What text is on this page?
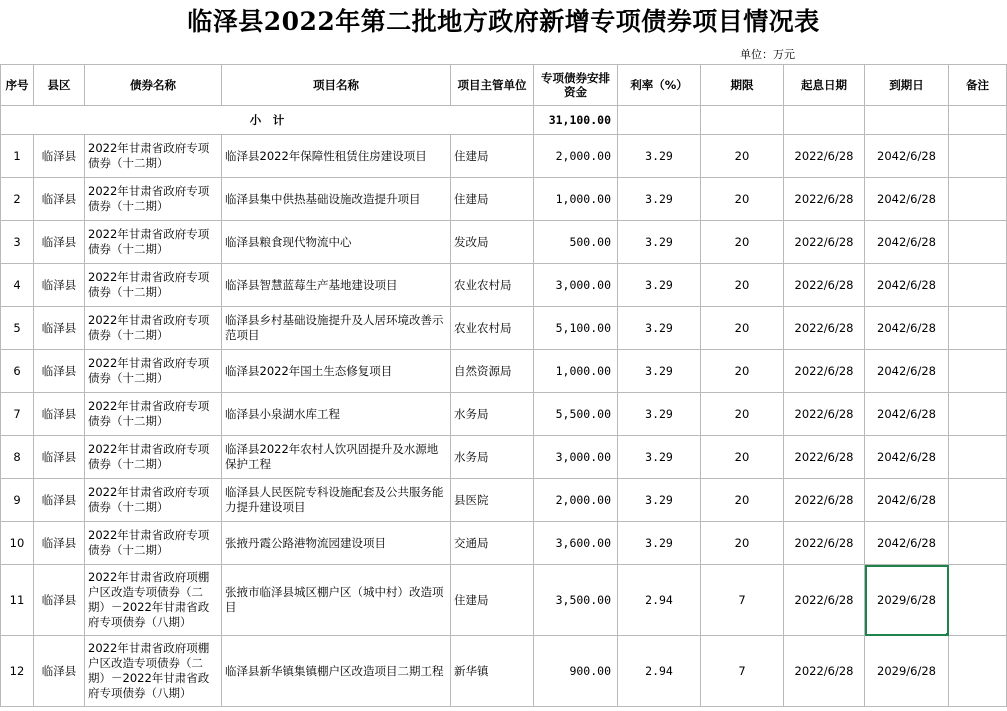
临泽县2022年第二批地方政府新增专项债券项目情况表
单位：万元
序号	县区	债券名称	项目名称	项目主管单位	专项债券安排资金	利率（%）	期限	起息日期	到期日	备注
小　计					31,100.00					
1	临泽县	2022年甘肃省政府专项债券（十二期）	临泽县2022年保障性租赁住房建设项目	住建局	2,000.00	3.29	20	2022/6/28	2042/6/28	
2	临泽县	2022年甘肃省政府专项债券（十二期）	临泽县集中供热基础设施改造提升项目	住建局	1,000.00	3.29	20	2022/6/28	2042/6/28	
3	临泽县	2022年甘肃省政府专项债券（十二期）	临泽县粮食现代物流中心	发改局	500.00	3.29	20	2022/6/28	2042/6/28	
4	临泽县	2022年甘肃省政府专项债券（十二期）	临泽县智慧蓝莓生产基地建设项目	农业农村局	3,000.00	3.29	20	2022/6/28	2042/6/28	
5	临泽县	2022年甘肃省政府专项债券（十二期）	临泽县乡村基础设施提升及人居环境改善示范项目	农业农村局	5,100.00	3.29	20	2022/6/28	2042/6/28	
6	临泽县	2022年甘肃省政府专项债券（十二期）	临泽县2022年国土生态修复项目	自然资源局	1,000.00	3.29	20	2022/6/28	2042/6/28	
7	临泽县	2022年甘肃省政府专项债券（十二期）	临泽县小泉湖水库工程	水务局	5,500.00	3.29	20	2022/6/28	2042/6/28	
8	临泽县	2022年甘肃省政府专项债券（十二期）	临泽县2022年农村人饮巩固提升及水源地保护工程	水务局	3,000.00	3.29	20	2022/6/28	2042/6/28	
9	临泽县	2022年甘肃省政府专项债券（十二期）	临泽县人民医院专科设施配套及公共服务能力提升建设项目	县医院	2,000.00	3.29	20	2022/6/28	2042/6/28	
10	临泽县	2022年甘肃省政府专项债券（十二期）	张掖丹霞公路港物流园建设项目	交通局	3,600.00	3.29	20	2022/6/28	2042/6/28	
11	临泽县	2022年甘肃省政府项棚户区改造专项债券（二期）－2022年甘肃省政府专项债券（八期）	张掖市临泽县城区棚户区（城中村）改造项目	住建局	3,500.00	2.94	7	2022/6/28	2029/6/28

12	临泽县	2022年甘肃省政府项棚户区改造专项债券（二期）－2022年甘肃省政府专项债券（八期）	临泽县新华镇集镇棚户区改造项目二期工程	新华镇	900.00	2.94	7	2022/6/28	2029/6/28	
